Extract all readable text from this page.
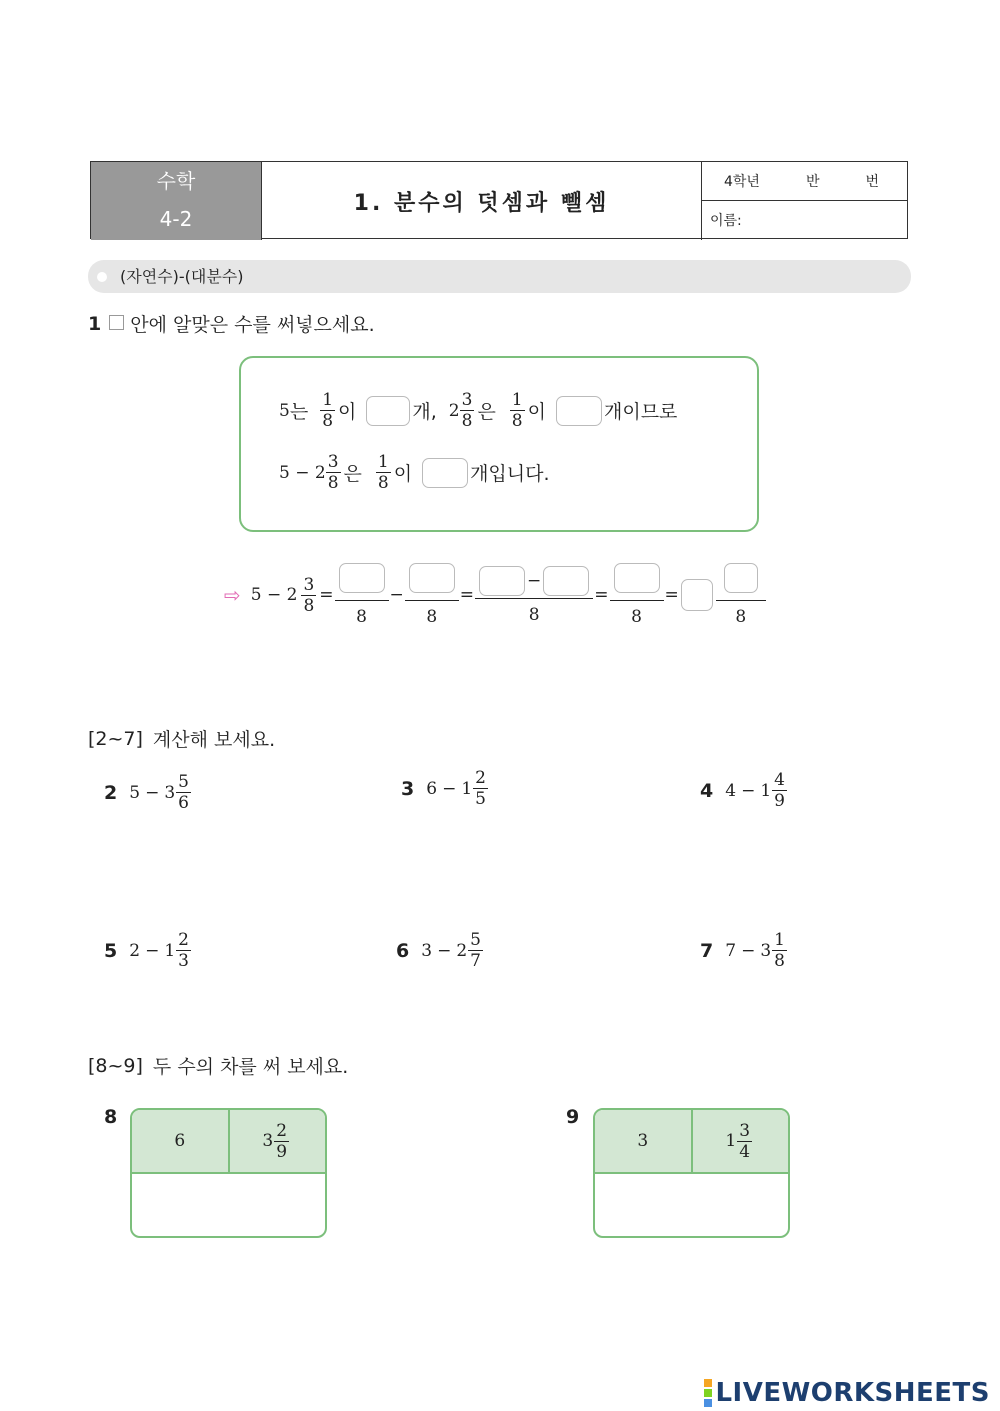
수학
4-2
1. 분수의 덧셈과 뺄셈
4학년	반	번
이름:
(자연수)-(대분수)
1 안에 알맞은 수를 써넣으세요.
5 는 $\frac{1}{8}$ 이	개, $2 \frac{3}{8}$ 은 $\frac{1}{8}$ 이	개이므로
$5 - 2 \frac{3}{8}$ 은 $\frac{1}{8}$ 이	개입니다.
⇨ $5 - 2 \frac{3}{8}$ =
8
−
8
= $\frac{-}{8}$ =
8
=
8
[2~7] 계산해 보세요.
2 $5 - 3 \frac{5}{6}$	3 $6 - 1 \frac{2}{5}$	4 $4 - 1 \frac{4}{9}$
5 $2 - 1 \frac{2}{3}$	6 $3 - 2 \frac{5}{7}$	7 $7 - 3 \frac{1}{8}$
[8~9] 두 수의 차를 써 보세요.
8
6	$3 \frac{2}{9}$
9
3	$1 \frac{3}{4}$
LIVEWORKSHEETS
